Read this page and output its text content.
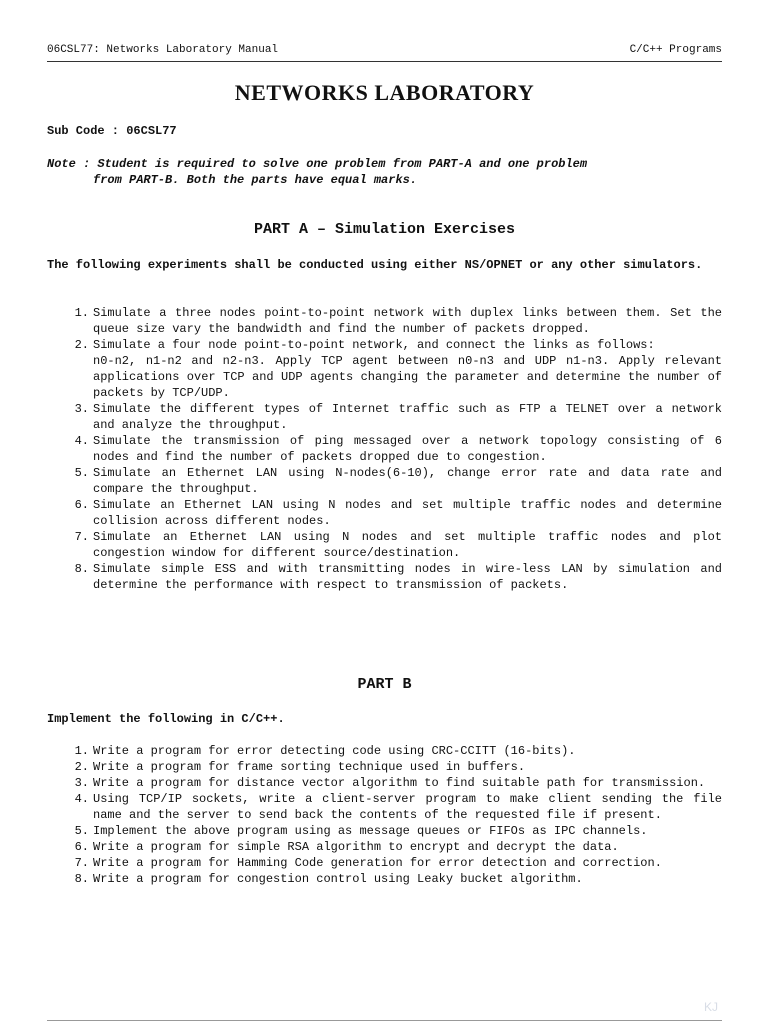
06CSL77: Networks Laboratory Manual	C/C++ Programs
NETWORKS LABORATORY
Sub Code : 06CSL77
Note : Student is required to solve one problem from PART-A and one problem
from PART-B. Both the parts have equal marks.
PART A – Simulation Exercises
The following experiments shall be conducted using either NS/OPNET or any other simulators.
1. Simulate a three nodes point-to-point network with duplex links between them. Set the queue size vary the bandwidth and find the number of packets dropped.
2. Simulate a four node point-to-point network, and connect the links as follows:
n0-n2, n1-n2 and n2-n3. Apply TCP agent between n0-n3 and UDP n1-n3. Apply relevant applications over TCP and UDP agents changing the parameter and determine the number of packets by TCP/UDP.
3. Simulate the different types of Internet traffic such as FTP a TELNET over a network and analyze the throughput.
4. Simulate the transmission of ping messaged over a network topology consisting of 6 nodes and find the number of packets dropped due to congestion.
5. Simulate an Ethernet LAN using N-nodes(6-10), change error rate and data rate and compare the throughput.
6. Simulate an Ethernet LAN using N nodes and set multiple traffic nodes and determine collision across different nodes.
7. Simulate an Ethernet LAN using N nodes and set multiple traffic nodes and plot congestion window for different source/destination.
8. Simulate simple ESS and with transmitting nodes in wire-less LAN by simulation and determine the performance with respect to transmission of packets.
PART B
Implement the following in C/C++.
1. Write a program for error detecting code using CRC-CCITT (16-bits).
2. Write a program for frame sorting technique used in buffers.
3. Write a program for distance vector algorithm to find suitable path for transmission.
4. Using TCP/IP sockets, write a client-server program to make client sending the file name and the server to send back the contents of the requested file if present.
5. Implement the above program using as message queues or FIFOs as IPC channels.
6. Write a program for simple RSA algorithm to encrypt and decrypt the data.
7. Write a program for Hamming Code generation for error detection and correction.
8. Write a program for congestion control using Leaky bucket algorithm.
KJ
